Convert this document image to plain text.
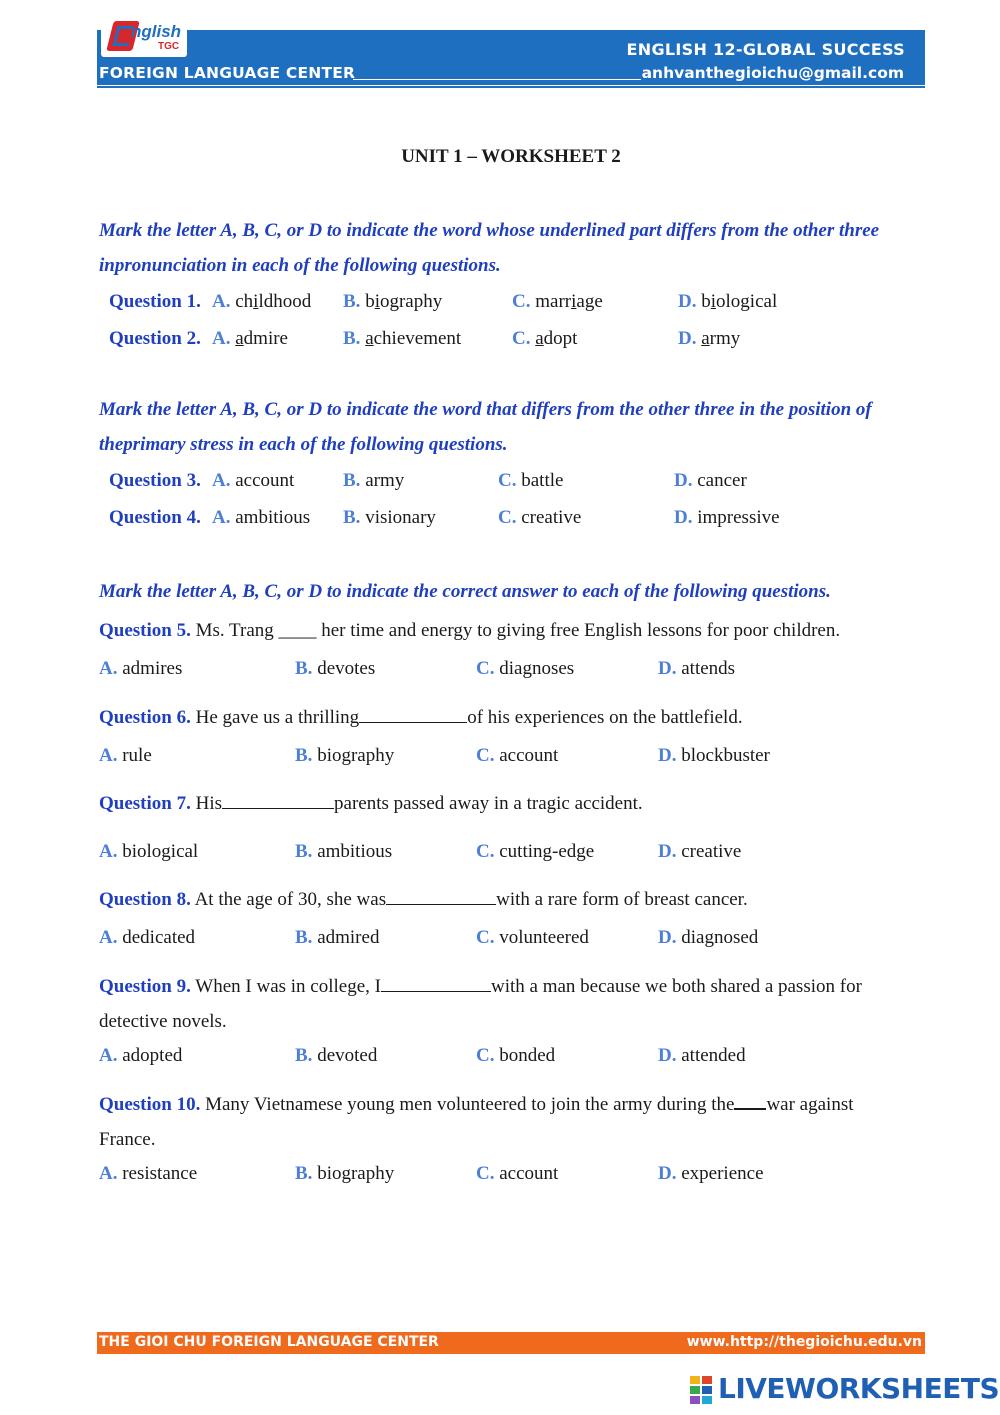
nglish
TGC	ENGLISH 12-GLOBAL SUCCESS
FOREIGN LANGUAGE CENTER	anhvanthegioichu@gmail.com
UNIT 1 – WORKSHEET 2
Mark the letter A, B, C, or D to indicate the word whose underlined part differs from the other three
inpronunciation in each of the following questions.
Question 1. A. childhood B. biography	C. marriage	D. biological
Question 2. A. admire	B. achievement	C. adopt	D. army
Mark the letter A, B, C, or D to indicate the word that differs from the other three in the position of
theprimary stress in each of the following questions.
Question 3. A. account	B. army	C. battle	D. cancer
Question 4. A. ambitious B. visionary	C. creative	D. impressive
Mark the letter A, B, C, or D to indicate the correct answer to each of the following questions.
Question 5. Ms. Trang ____ her time and energy to giving free English lessons for poor children.
A. admires	B. devotes	C. diagnoses	D. attends
Question 6. He gave us a thrilling	of his experiences on the battlefield.
A. rule	B. biography	C. account	D. blockbuster
Question 7. His	parents passed away in a tragic accident.
A. biological	B. ambitious	C. cutting-edge	D. creative
Question 8. At the age of 30, she was	with a rare form of breast cancer.
A. dedicated	B. admired	C. volunteered	D. diagnosed
Question 9. When I was in college, I	with a man because we both shared a passion for
detective novels.
A. adopted	B. devoted	C. bonded	D. attended
Question 10. Many Vietnamese young men volunteered to join the army during the war against
France.
A. resistance	B. biography	C. account	D. experience
THE GIOI CHU FOREIGN LANGUAGE CENTER	www.http://thegioichu.edu.vn
LIVEWORKSHEETS
